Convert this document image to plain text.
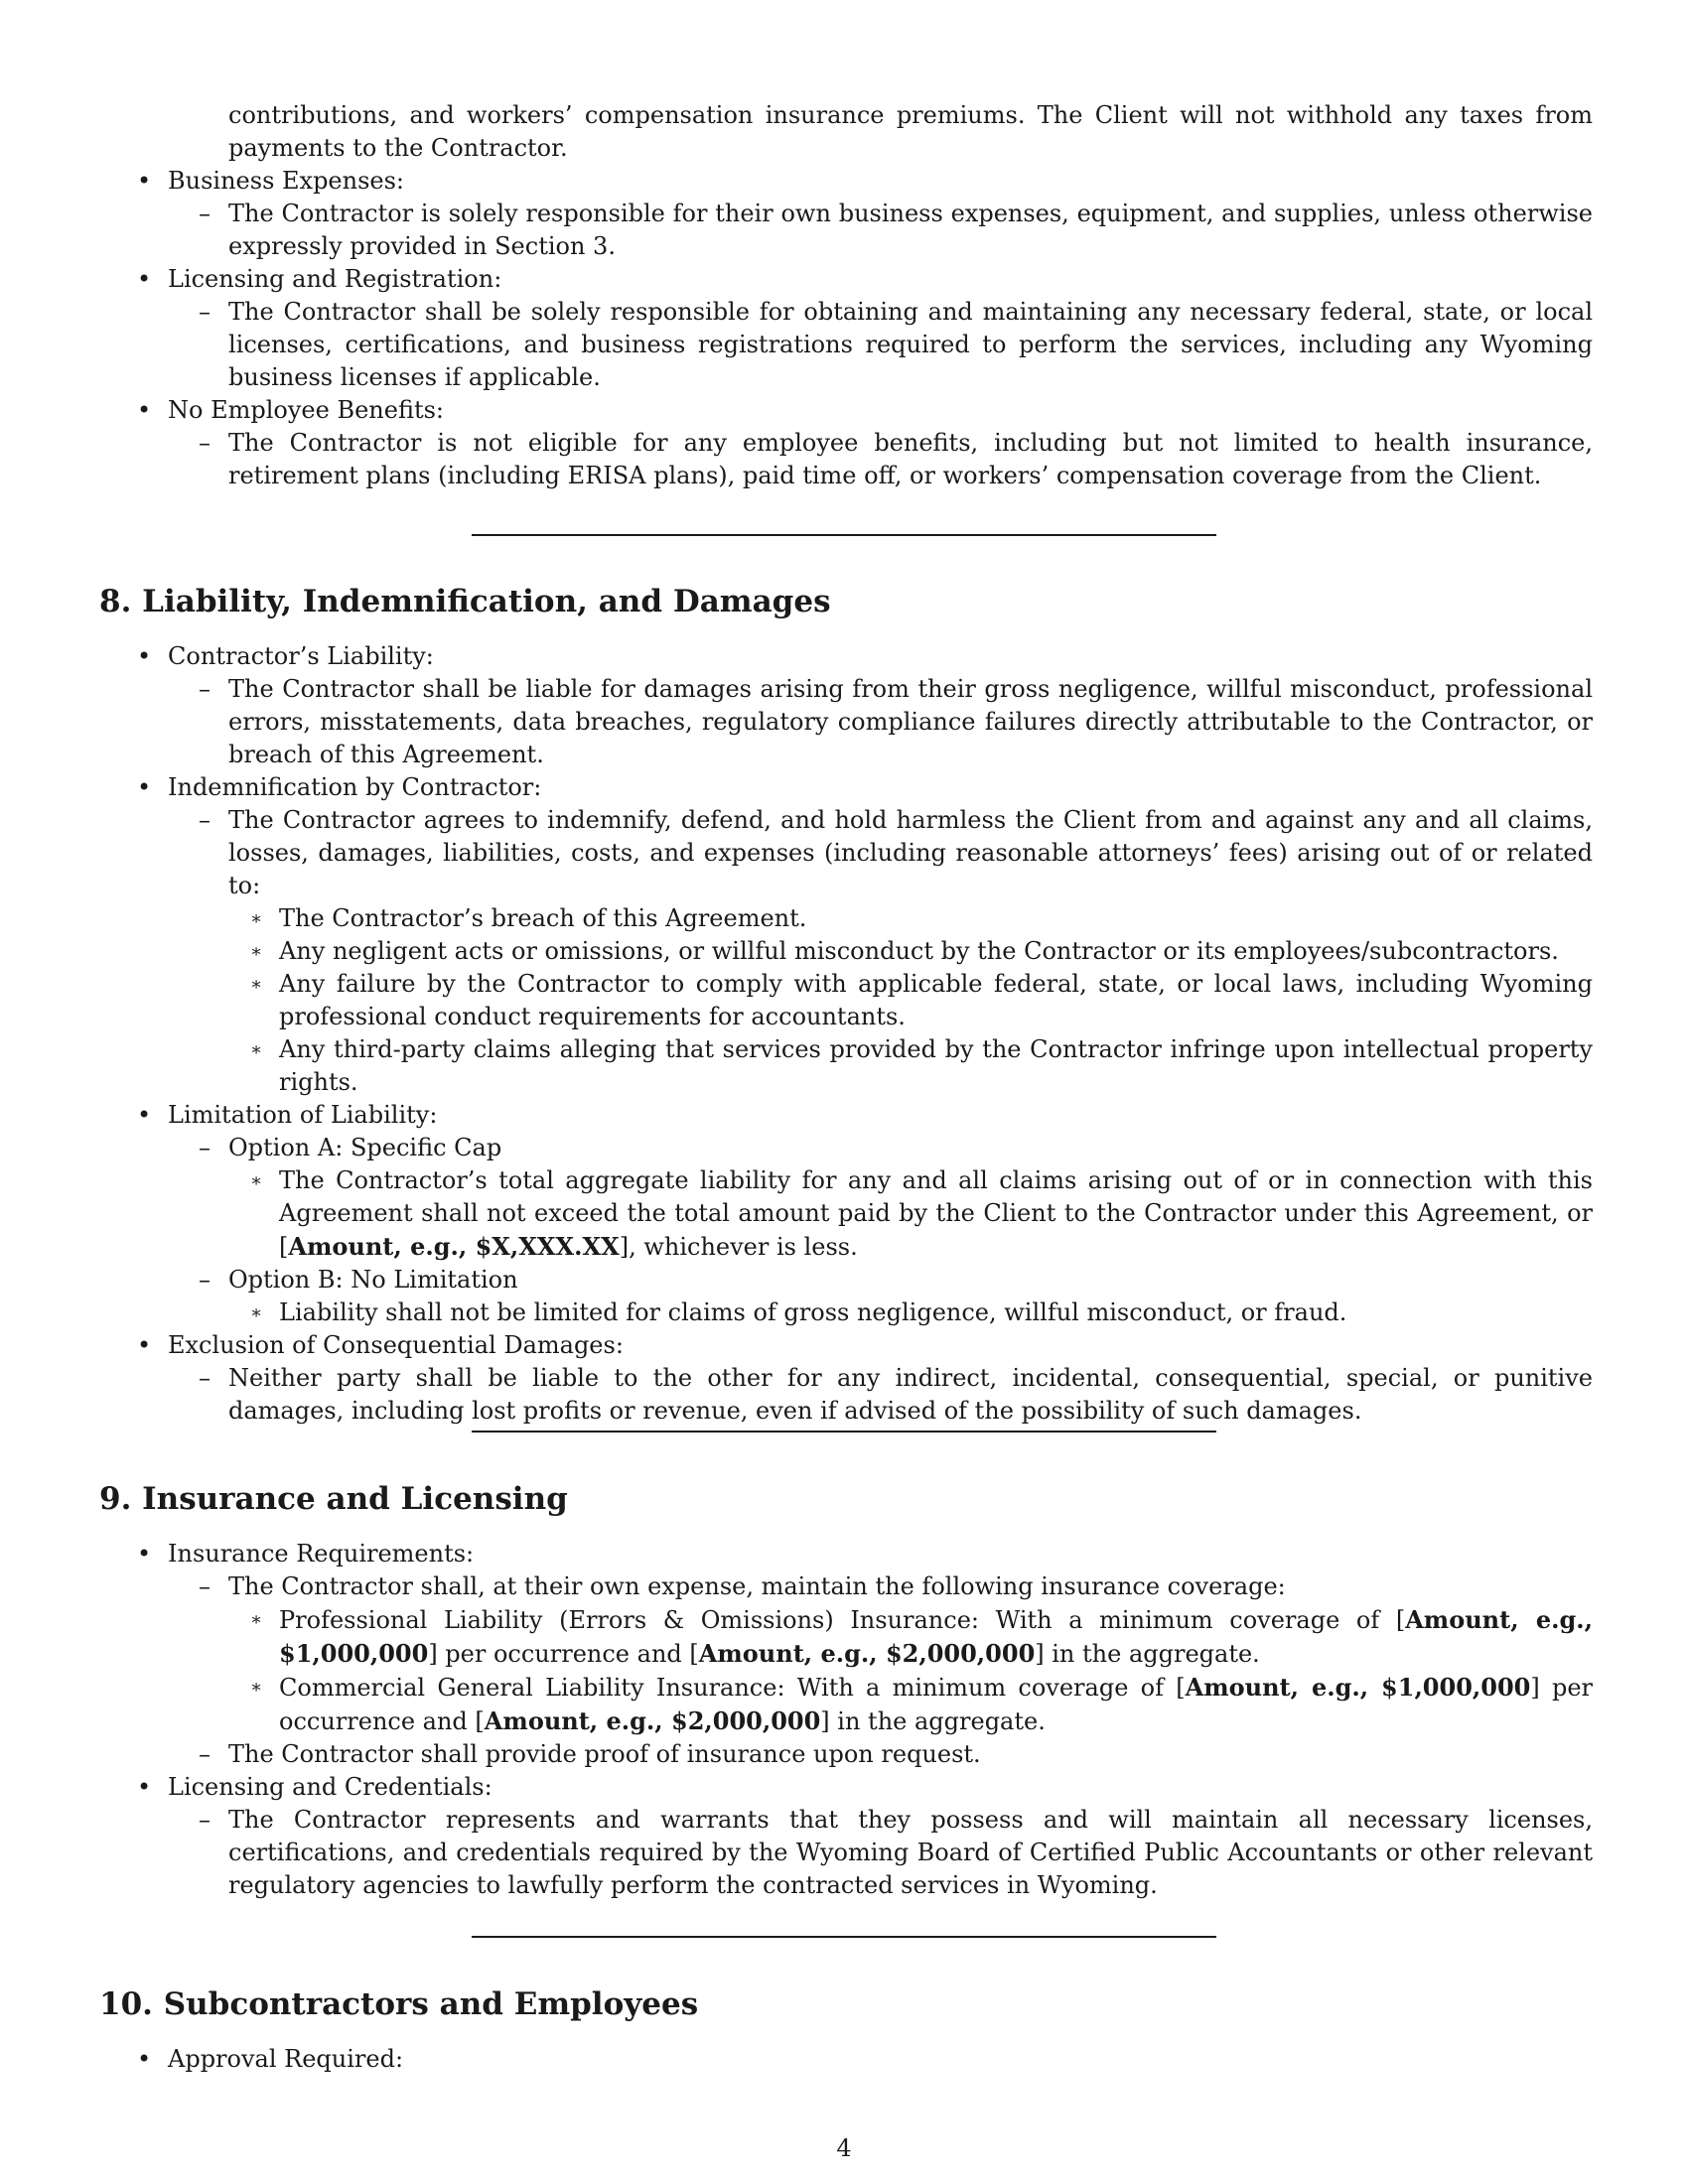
contributions, and workers’ compensation insurance premiums. The Client will not withhold any taxes from payments to the Contractor.

• Business Expenses:

– The Contractor is solely responsible for their own business expenses, equipment, and supplies, unless otherwise expressly provided in Section 3.

• Licensing and Registration:

– The Contractor shall be solely responsible for obtaining and maintaining any necessary federal, state, or local licenses, certifications, and business registrations required to perform the services, including any Wyoming business licenses if applicable.

• No Employee Benefits:

– The Contractor is not eligible for any employee benefits, including but not limited to health insurance, retirement plans (including ERISA plans), paid time off, or workers’ compensation coverage from the Client.

8. Liability, Indemnification, and Damages

• Contractor’s Liability:

– The Contractor shall be liable for damages arising from their gross negligence, willful misconduct, professional errors, misstatements, data breaches, regulatory compliance failures directly attributable to the Contractor, or breach of this Agreement.

• Indemnification by Contractor:

– The Contractor agrees to indemnify, defend, and hold harmless the Client from and against any and all claims, losses, damages, liabilities, costs, and expenses (including reasonable attorneys’ fees) arising out of or related to:

∗ The Contractor’s breach of this Agreement.

∗ Any negligent acts or omissions, or willful misconduct by the Contractor or its employees/subcontractors.

∗ Any failure by the Contractor to comply with applicable federal, state, or local laws, including Wyoming professional conduct requirements for accountants.

∗ Any third-party claims alleging that services provided by the Contractor infringe upon intellectual property rights.

• Limitation of Liability:

– Option A: Specific Cap

∗ The Contractor’s total aggregate liability for any and all claims arising out of or in connection with this Agreement shall not exceed the total amount paid by the Client to the Contractor under this Agreement, or [Amount, e.g., $X,XXX.XX], whichever is less.

– Option B: No Limitation

∗ Liability shall not be limited for claims of gross negligence, willful misconduct, or fraud.

• Exclusion of Consequential Damages:

– Neither party shall be liable to the other for any indirect, incidental, consequential, special, or punitive damages, including lost profits or revenue, even if advised of the possibility of such damages.

9. Insurance and Licensing

• Insurance Requirements:

– The Contractor shall, at their own expense, maintain the following insurance coverage:

∗ Professional Liability (Errors & Omissions) Insurance: With a minimum coverage of [Amount, e.g., $1,000,000] per occurrence and [Amount, e.g., $2,000,000] in the aggregate.

∗ Commercial General Liability Insurance: With a minimum coverage of [Amount, e.g., $1,000,000] per occurrence and [Amount, e.g., $2,000,000] in the aggregate.

– The Contractor shall provide proof of insurance upon request.

• Licensing and Credentials:

– The Contractor represents and warrants that they possess and will maintain all necessary licenses, certifications, and credentials required by the Wyoming Board of Certified Public Accountants or other relevant regulatory agencies to lawfully perform the contracted services in Wyoming.

10. Subcontractors and Employees

• Approval Required:

4
